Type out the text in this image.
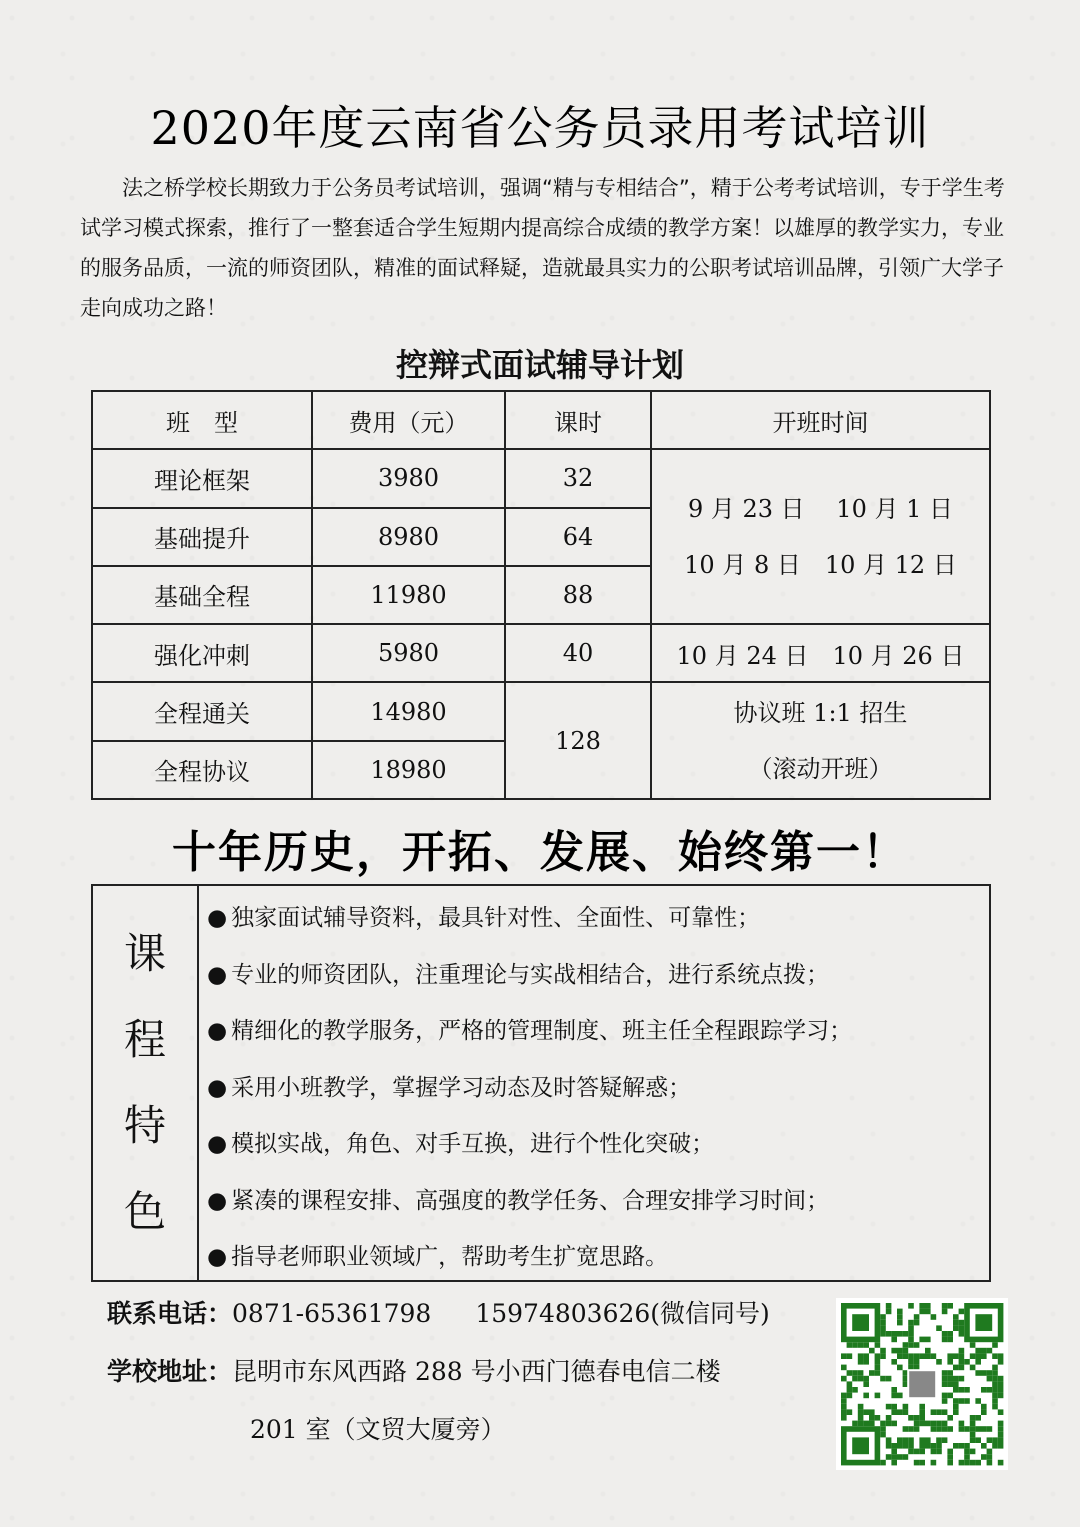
2020年度云南省公务员录用考试培训
法之桥学校长期致力于公务员考试培训，强调“精与专相结合”，精于公考考试培训，专于学生考试学习模式探索，推行了一整套适合学生短期内提高综合成绩的教学方案！以雄厚的教学实力，专业的服务品质，一流的师资团队，精准的面试释疑，造就最具实力的公职考试培训品牌，引领广大学子走向成功之路！
控辩式面试辅导计划
班　型	费用（元）	课时	开班时间
理论框架	3980	32	9 月 23 日　 10 月 1 日
10 月 8 日　10 月 12 日

基础提升	8980	64	
基础全程	11980	88	
强化冲刺	5980	40	10 月 24 日　10 月 26 日
全程通关	14980	128	协议班 1:1 招生
（滚动开班）

全程协议	18980		
十年历史，开拓、发展、始终第一！
课
程
特
色
● 独家面试辅导资料，最具针对性、全面性、可靠性；
● 专业的师资团队，注重理论与实战相结合，进行系统点拨；
● 精细化的教学服务，严格的管理制度、班主任全程跟踪学习；
● 采用小班教学，掌握学习动态及时答疑解惑；
● 模拟实战，角色、对手互换，进行个性化突破；
● 紧凑的课程安排、高强度的教学任务、合理安排学习时间；
● 指导老师职业领域广，帮助考生扩宽思路。
联系电话：0871-65361798 15974803626(微信同号)
学校地址：昆明市东风西路 288 号小西门德春电信二楼
201 室（文贸大厦旁）
